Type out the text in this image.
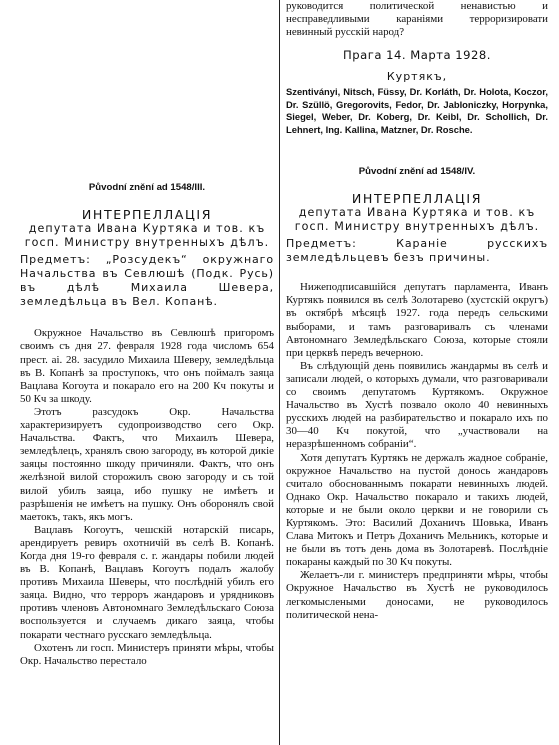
Původní znění ad 1548/III.

ИНТЕРПЕЛЛАЦІЯ

депутата Ивана Куртяка и тов. къ госп. Министру внутренныхъ дѣлъ.

Предметъ: „Розсудекъ“ окружнаго Начальства въ Севлюшѣ (Подк. Русь) въ дѣлѣ Михаила Шевера, земледѣльца въ Вел. Копанѣ.

Окружное Начальство въ Севлюшѣ пригоромъ своимъ съ дня 27. февраля 1928 года числомъ 654 прест. аі. 28. засудило Михаила Шеверу, земледѣльца въ В. Копанѣ за проступокъ, что онъ поймалъ заяца Вацлава Когоута и покарало его на 200 Кч покуты и 50 Кч за шкоду.

Этотъ разсудокъ Окр. Начальства характеризируетъ судопроизводство сего Окр. Начальства. Фактъ, что Михаилъ Шевера, земледѣлецъ, хранялъ свою загороду, въ которой дикіе заяцы постоянно шкоду причиняли. Фактъ, что онъ желѣзной вилой сторожилъ свою загороду и съ той вилой убилъ заяца, ибо пушку не имѣетъ и разрѣшенія не имѣетъ на пушку. Онъ оборонялъ свой маетокъ, такъ, якъ могъ.

Вацлавъ Когоутъ, чешскій нотарскій писарь, арендируетъ ревиръ охотничій въ селѣ В. Копанѣ. Когда дня 19-го февраля с. г. жандары побили людей въ В. Копанѣ, Вацлавъ Когоутъ подалъ жалобу противъ Михаила Шеверы, что послѣдній убилъ его заяца. Видно, что терроръ жандаровъ и урядниковъ противъ членовъ Автономнаго Земледѣльскаго Союза воспользуется и случаемъ дикаго заяца, чтобы покарати честнаго русскаго земледѣльца.

Охотенъ ли госп. Министеръ приняти мѣры, чтобы Окр. Начальство перестало

руководится политической ненавистью и несправедливыми караніями терроризировати невинный русскій народ?

Прага 14. Марта 1928.

Куртякъ,

Szentiványi, Nitsch, Füssy, Dr. Korláth, Dr. Holota, Koczor, Dr. Szüllö, Gregorovits, Fedor, Dr. Jabloniczky, Horpynka, Siegel, Weber, Dr. Koberg, Dr. Keibl, Dr. Schollich, Dr. Lehnert, Ing. Kallina, Matzner, Dr. Rosche.

Původní znění ad 1548/IV.

ИНТЕРПЕЛЛАЦІЯ

депутата Ивана Куртяка и тов. къ госп. Министру внутренныхъ дѣлъ.

Предметъ: Караніе русскихъ земледѣльцевъ безъ причины.

Нижеподписавшійся депутатъ парламента, Иванъ Куртякъ появился въ селѣ Золотарево (хустскій округъ) въ октябрѣ мѣсяцѣ 1927. года передъ сельскими выборами, и тамъ разговаривалъ съ членами Автономнаго Земледѣльскаго Союза, которые стояли при церквѣ передъ вечерною.

Въ слѣдующій день появились жандармы въ селѣ и записали людей, о которыхъ думали, что разговаривали со своимъ депутатомъ Куртякомъ. Окружное Начальство въ Хустѣ позвало около 40 невинныхъ русскихъ людей на разбирательство и покарало ихъ по 30—40 Кч покутой, что „участвовали на неразрѣшенномъ собраніи“.

Хотя депутатъ Куртякъ не держалъ жадное собраніе, окружное Начальство на пустой донось жандаровъ считало обоснованнымъ покарати невинныхъ людей. Однако Окр. Начальство покарало и такихъ людей, которые и не были около церкви и не говорили съ Куртякомъ. Это: Василий Доханичъ Шовька, Иванъ Слава Митокъ и Петръ Доханичъ Мельникъ, которые и не были въ тотъ день дома въ Золотаревѣ. Послѣдніе покараны каждый по 30 Кч покуты.

Желаетъ-ли г. министеръ предприняти мѣры, чтобы Окружное Начальство въ Хустѣ не руководилось легкомыслеными доносами, не руководилось политической нена-
